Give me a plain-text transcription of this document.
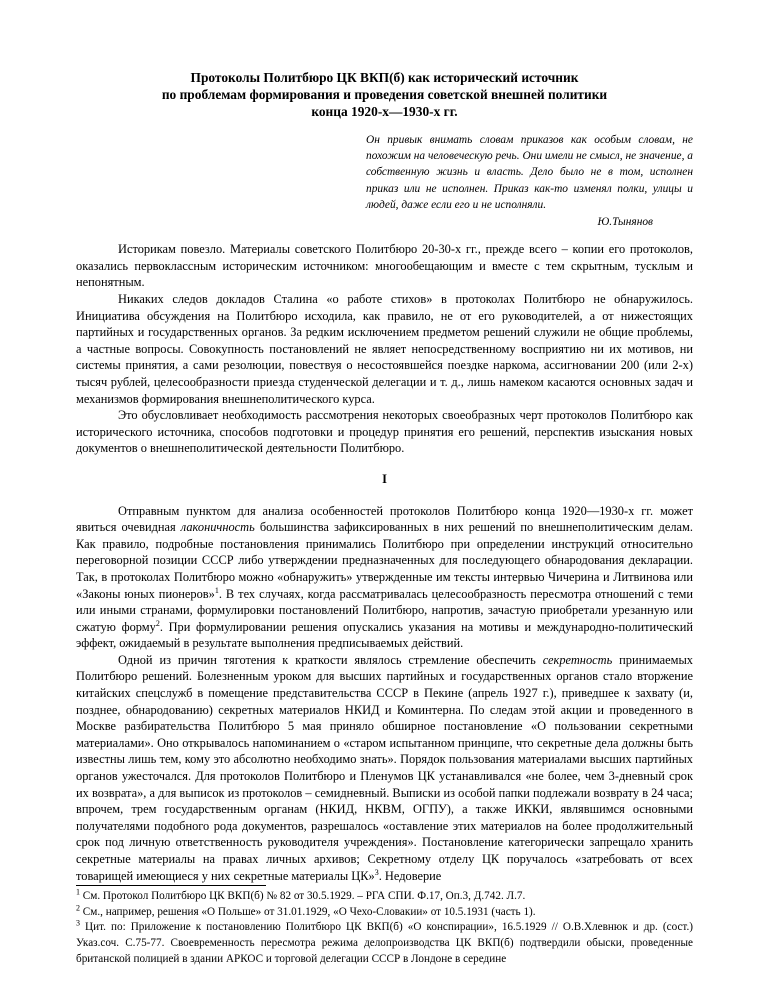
Протоколы Политбюро ЦК ВКП(б) как исторический источник
по проблемам формирования и проведения советской внешней политики
конца 1920-х—1930-х гг.
Он привык внимать словам приказов как особым словам, не похожим на человеческую речь. Они имели не смысл, не значение, а собственную жизнь и власть. Дело было не в том, исполнен приказ или не исполнен. Приказ как-то изменял полки, улицы и людей, даже если его и не исполняли.
Ю.Тынянов

Историкам повезло. Материалы советского Политбюро 20-30-х гг., прежде всего – копии его протоколов, оказались первоклассным историческим источником: многообещающим и вместе с тем скрытным, тусклым и непонятным.

Никаких следов докладов Сталина «о работе стихов» в протоколах Политбюро не обнаружилось. Инициатива обсуждения на Политбюро исходила, как правило, не от его руководителей, а от нижестоящих партийных и государственных органов. За редким исключением предметом решений служили не общие проблемы, а частные вопросы. Совокупность постановлений не являет непосредственному восприятию ни их мотивов, ни системы принятия, а сами резолюции, повествуя о несостоявшейся поездке наркома, ассигновании 200 (или 2-х) тысяч рублей, целесообразности приезда студенческой делегации и т. д., лишь намеком касаются основных задач и механизмов формирования внешнеполитического курса.

Это обусловливает необходимость рассмотрения некоторых своеобразных черт протоколов Политбюро как исторического источника, способов подготовки и процедур принятия его решений, перспектив изыскания новых документов о внешнеполитической деятельности Политбюро.

I

Отправным пунктом для анализа особенностей протоколов Политбюро конца 1920—1930-х гг. может явиться очевидная лаконичность большинства зафиксированных в них решений по внешнеполитическим делам. Как правило, подробные постановления принимались Политбюро при определении инструкций относительно переговорной позиции СССР либо утверждении предназначенных для последующего обнародования декларации. Так, в протоколах Политбюро можно «обнаружить» утвержденные им тексты интервью Чичерина и Литвинова или «Законы юных пионеров»$^1$. В тех случаях, когда рассматривалась целесообразность пересмотра отношений с теми или иными странами, формулировки постановлений Политбюро, напротив, зачастую приобретали урезанную или сжатую форму$^2$. При формулировании решения опускались указания на мотивы и международно-политический эффект, ожидаемый в результате выполнения предписываемых действий.

Одной из причин тяготения к краткости являлось стремление обеспечить секретность принимаемых Политбюро решений. Болезненным уроком для высших партийных и государственных органов стало вторжение китайских спецслужб в помещение представительства СССР в Пекине (апрель 1927 г.), приведшее к захвату (и, позднее, обнародованию) секретных материалов НКИД и Коминтерна. По следам этой акции и проведенного в Москве разбирательства Политбюро 5 мая приняло обширное постановление «О пользовании секретными материалами». Оно открывалось напоминанием о «старом испытанном принципе, что секретные дела должны быть известны лишь тем, кому это абсолютно необходимо знать». Порядок пользования материалами высших партийных органов ужесточался. Для протоколов Политбюро и Пленумов ЦК устанавливался «не более, чем 3-дневный срок их возврата», а для выписок из протоколов – семидневный. Выписки из особой папки подлежали возврату в 24 часа; впрочем, трем государственным органам (НКИД, НКВМ, ОГПУ), а также ИККИ, являвшимся основными получателями подобного рода документов, разрешалось «оставление этих материалов на более продолжительный срок под личную ответственность руководителя учреждения». Постановление категорически запрещало хранить секретные материалы на правах личных архивов; Секретному отделу ЦК поручалось «затребовать от всех товарищей имеющиеся у них секретные материалы ЦК»$^3$. Недоверие

$^1$ См. Протокол Политбюро ЦК ВКП(б) № 82 от 30.5.1929. – РГА СПИ. Ф.17, Оп.3, Д.742. Л.7.

$^2$ См., например, решения «О Польше» от 31.01.1929, «О Чехо-Словакии» от 10.5.1931 (часть 1).

$^3$ Цит. по: Приложение к постановлению Политбюро ЦК ВКП(б) «О конспирации», 16.5.1929 // О.В.Хлевнюк и др. (сост.) Указ.соч. С.75-77. Своевременность пересмотра режима делопроизводства ЦК ВКП(б) подтвердили обыски, проведенные британской полицией в здании АРКОС и торговой делегации СССР в Лондоне в середине
